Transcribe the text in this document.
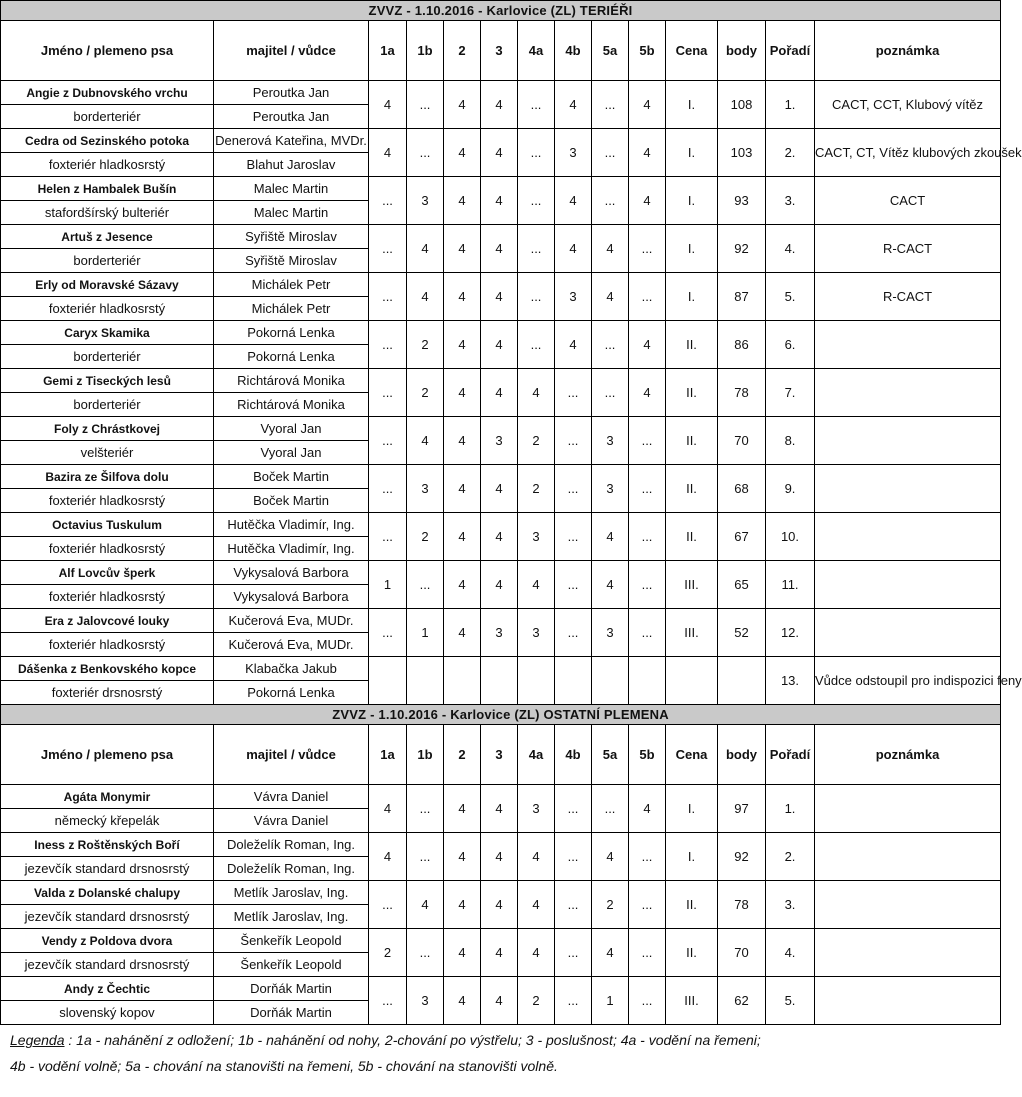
ZVVZ - 1.10.2016 - Karlovice (ZL) TERIÉŘI													
Jméno / plemeno psa	majitel / vůdce	1a	1b	2	3	4a	4b	5a	5b	Cena	body	Pořadí	poznámka
Angie z Dubnovského vrchu	Peroutka Jan	4	...	4	4	...	4	...	4	I.	108	1.	CACT, CCT, Klubový vítěz
borderteriér	Peroutka Jan												
Cedra od Sezinského potoka	Denerová Kateřina, MVDr.	4	...	4	4	...	3	...	4	I.	103	2.	CACT, CT, Vítěz klubových zkoušek
foxteriér hladkosrstý	Blahut Jaroslav												
Helen z Hambalek Bušín	Malec Martin	...	3	4	4	...	4	...	4	I.	93	3.	CACT
stafordšírský bulteriér	Malec Martin												
Artuš z Jesence	Syřiště Miroslav	...	4	4	4	...	4	4	...	I.	92	4.	R-CACT
borderteriér	Syřiště Miroslav												
Erly od Moravské Sázavy	Michálek Petr	...	4	4	4	...	3	4	...	I.	87	5.	R-CACT
foxteriér hladkosrstý	Michálek Petr												
Caryx Skamika	Pokorná Lenka	...	2	4	4	...	4	...	4	II.	86	6.	
borderteriér	Pokorná Lenka												
Gemi z Tiseckých lesů	Richtárová Monika	...	2	4	4	4	...	...	4	II.	78	7.	
borderteriér	Richtárová Monika												
Foly z Chrástkovej	Vyoral Jan	...	4	4	3	2	...	3	...	II.	70	8.	
velšteriér	Vyoral Jan												
Bazira ze Šilfova dolu	Boček Martin	...	3	4	4	2	...	3	...	II.	68	9.	
foxteriér hladkosrstý	Boček Martin												
Octavius Tuskulum	Hutěčka Vladimír, Ing.	...	2	4	4	3	...	4	...	II.	67	10.	
foxteriér hladkosrstý	Hutěčka Vladimír, Ing.												
Alf Lovcův šperk	Vykysalová Barbora	1	...	4	4	4	...	4	...	III.	65	11.	
foxteriér hladkosrstý	Vykysalová Barbora												
Era z Jalovcové louky	Kučerová Eva, MUDr.	...	1	4	3	3	...	3	...	III.	52	12.	
foxteriér hladkosrstý	Kučerová Eva, MUDr.												
Dášenka z Benkovského kopce	Klabačka Jakub											13.	Vůdce odstoupil pro indispozici feny
foxteriér drsnosrstý	Pokorná Lenka												
ZVVZ - 1.10.2016 - Karlovice (ZL) OSTATNÍ PLEMENA													
Jméno / plemeno psa	majitel / vůdce	1a	1b	2	3	4a	4b	5a	5b	Cena	body	Pořadí	poznámka
Agáta Monymir	Vávra Daniel	4	...	4	4	3	...	...	4	I.	97	1.	
německý křepelák	Vávra Daniel												
Iness z Roštěnských Boří	Doleželík Roman, Ing.	4	...	4	4	4	...	4	...	I.	92	2.	
jezevčík standard drsnosrstý	Doleželík Roman, Ing.												
Valda z Dolanské chalupy	Metlík Jaroslav, Ing.	...	4	4	4	4	...	2	...	II.	78	3.	
jezevčík standard drsnosrstý	Metlík Jaroslav, Ing.												
Vendy z Poldova dvora	Šenkeřík Leopold	2	...	4	4	4	...	4	...	II.	70	4.	
jezevčík standard drsnosrstý	Šenkeřík Leopold												
Andy z Čechtic	Dorňák Martin	...	3	4	4	2	...	1	...	III.	62	5.	
slovenský kopov	Dorňák Martin												
Legenda : 1a - nahánění z odložení; 1b - nahánění od nohy, 2-chování po výstřelu; 3 - poslušnost; 4a - vodění na řemeni;
4b - vodění volně; 5a - chování na stanovišti na řemeni, 5b - chování na stanovišti volně.
